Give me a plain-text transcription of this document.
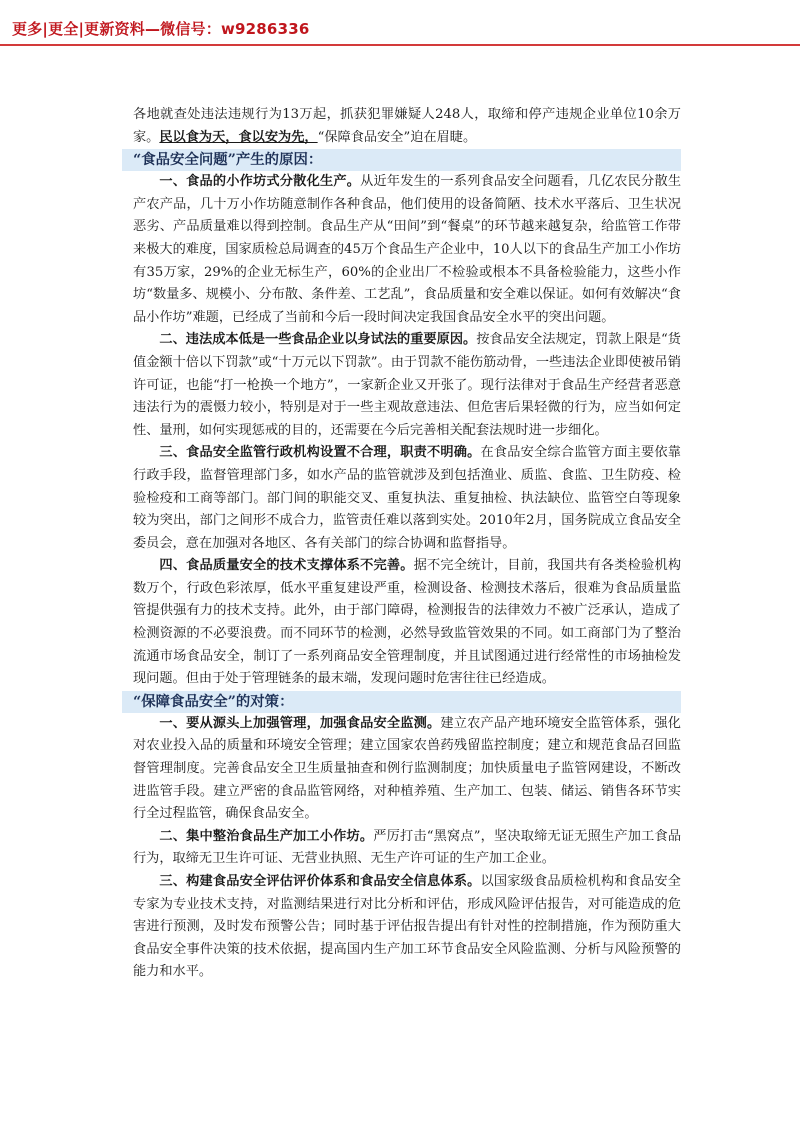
更多|更全|更新资料—微信号：w9286336

各地就查处违法违规行为13万起，抓获犯罪嫌疑人248人，取缔和停产违规企业单位10余万家。民以食为天，食以安为先，“保障食品安全”迫在眉睫。

“食品安全问题”产生的原因：

一、食品的小作坊式分散化生产。从近年发生的一系列食品安全问题看，几亿农民分散生产农产品，几十万小作坊随意制作各种食品，他们使用的设备简陋、技术水平落后、卫生状况恶劣、产品质量难以得到控制。食品生产从“田间”到“餐桌”的环节越来越复杂，给监管工作带来极大的难度，国家质检总局调查的45万个食品生产企业中，10人以下的食品生产加工小作坊有35万家，29%的企业无标生产，60%的企业出厂不检验或根本不具备检验能力，这些小作坊“数量多、规模小、分布散、条件差、工艺乱”，食品质量和安全难以保证。如何有效解决“食品小作坊”难题，已经成了当前和今后一段时间决定我国食品安全水平的突出问题。

二、违法成本低是一些食品企业以身试法的重要原因。按食品安全法规定，罚款上限是“货值金额十倍以下罚款”或“十万元以下罚款”。由于罚款不能伤筋动骨，一些违法企业即使被吊销许可证，也能“打一枪换一个地方”，一家新企业又开张了。现行法律对于食品生产经营者恶意违法行为的震慑力较小，特别是对于一些主观故意违法、但危害后果轻微的行为，应当如何定性、量刑，如何实现惩戒的目的，还需要在今后完善相关配套法规时进一步细化。

三、食品安全监管行政机构设置不合理，职责不明确。在食品安全综合监管方面主要依靠行政手段，监督管理部门多，如水产品的监管就涉及到包括渔业、质监、食监、卫生防疫、检验检疫和工商等部门。部门间的职能交叉、重复执法、重复抽检、执法缺位、监管空白等现象较为突出，部门之间形不成合力，监管责任难以落到实处。2010年2月，国务院成立食品安全委员会，意在加强对各地区、各有关部门的综合协调和监督指导。

四、食品质量安全的技术支撑体系不完善。据不完全统计，目前，我国共有各类检验机构数万个，行政色彩浓厚，低水平重复建设严重，检测设备、检测技术落后，很难为食品质量监管提供强有力的技术支持。此外，由于部门障碍，检测报告的法律效力不被广泛承认，造成了检测资源的不必要浪费。而不同环节的检测，必然导致监管效果的不同。如工商部门为了整治流通市场食品安全，制订了一系列商品安全管理制度，并且试图通过进行经常性的市场抽检发现问题。但由于处于管理链条的最末端，发现问题时危害往往已经造成。

“保障食品安全”的对策：

一、要从源头上加强管理，加强食品安全监测。建立农产品产地环境安全监管体系，强化对农业投入品的质量和环境安全管理；建立国家农兽药残留监控制度；建立和规范食品召回监督管理制度。完善食品安全卫生质量抽查和例行监测制度；加快质量电子监管网建设，不断改进监管手段。建立严密的食品监管网络，对种植养殖、生产加工、包装、储运、销售各环节实行全过程监管，确保食品安全。

二、集中整治食品生产加工小作坊。严厉打击“黑窝点”，坚决取缔无证无照生产加工食品行为，取缔无卫生许可证、无营业执照、无生产许可证的生产加工企业。

三、构建食品安全评估评价体系和食品安全信息体系。以国家级食品质检机构和食品安全专家为专业技术支持，对监测结果进行对比分析和评估，形成风险评估报告，对可能造成的危害进行预测，及时发布预警公告；同时基于评估报告提出有针对性的控制措施，作为预防重大食品安全事件决策的技术依据，提高国内生产加工环节食品安全风险监测、分析与风险预警的能力和水平。
